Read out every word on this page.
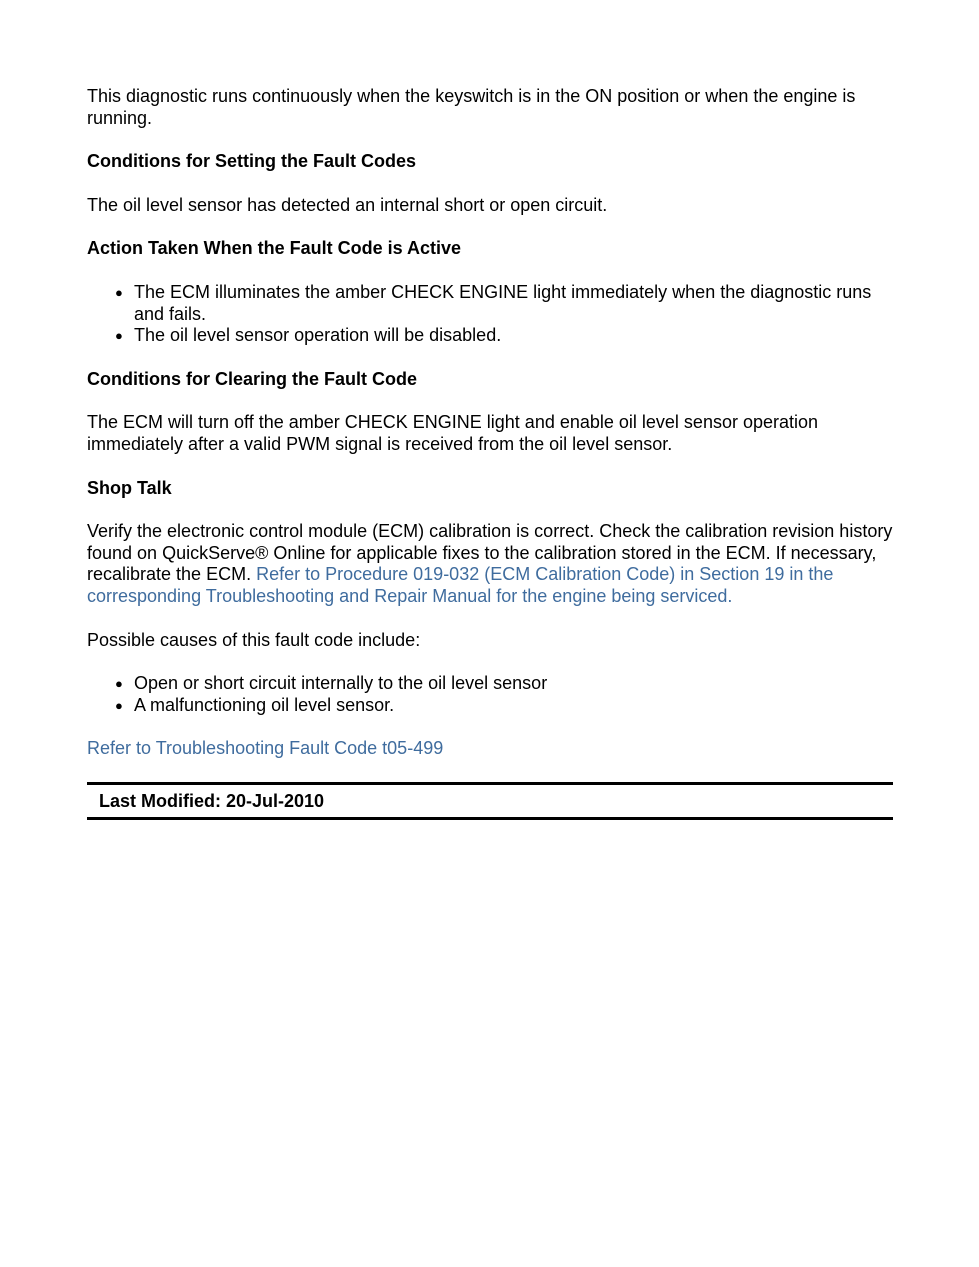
This diagnostic runs continuously when the keyswitch is in the ON position or when the engine is running.

Conditions for Setting the Fault Codes

The oil level sensor has detected an internal short or open circuit.

Action Taken When the Fault Code is Active

● The ECM illuminates the amber CHECK ENGINE light immediately when the diagnostic runs and fails.
● The oil level sensor operation will be disabled.

Conditions for Clearing the Fault Code

The ECM will turn off the amber CHECK ENGINE light and enable oil level sensor operation immediately after a valid PWM signal is received from the oil level sensor.

Shop Talk

Verify the electronic control module (ECM) calibration is correct. Check the calibration revision history found on QuickServe® Online for applicable fixes to the calibration stored in the ECM. If necessary, recalibrate the ECM. Refer to Procedure 019-032 (ECM Calibration Code) in Section 19 in the corresponding Troubleshooting and Repair Manual for the engine being serviced.

Possible causes of this fault code include:

● Open or short circuit internally to the oil level sensor
● A malfunctioning oil level sensor.

Refer to Troubleshooting Fault Code t05-499

Last Modified: 20-Jul-2010
